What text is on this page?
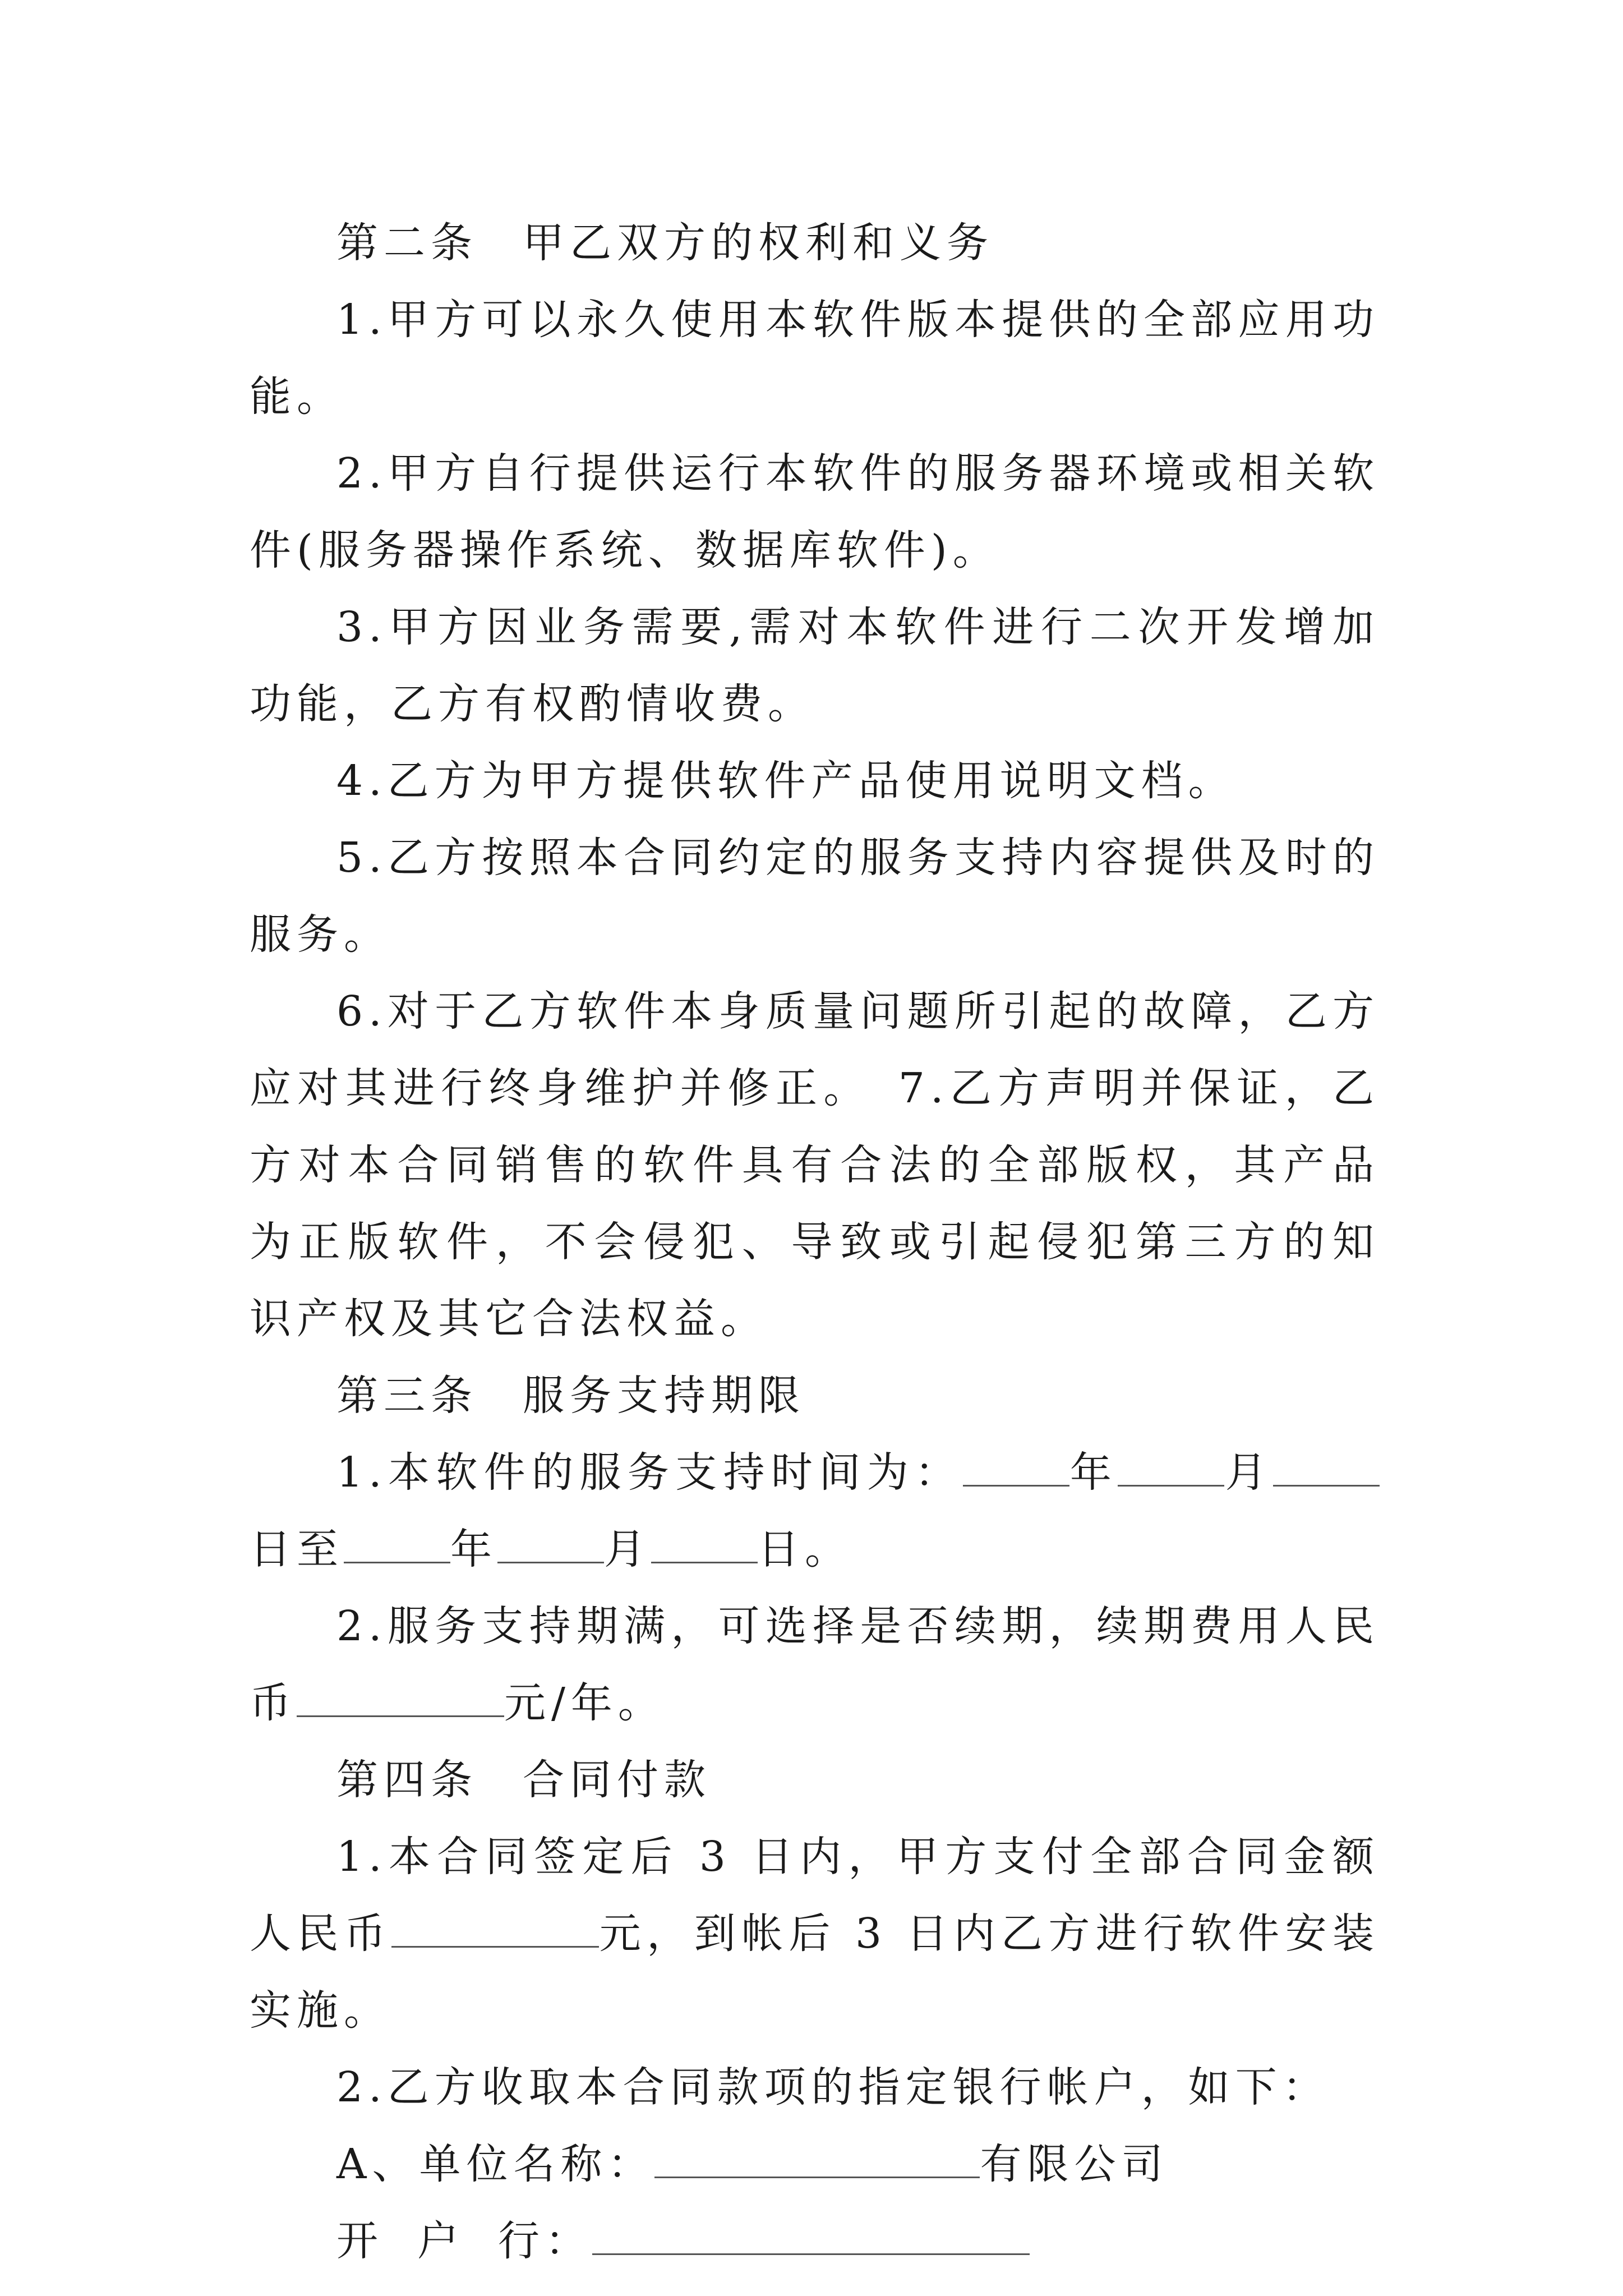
第二条 甲乙双方的权利和义务

1.甲方可以永久使用本软件版本提供的全部应用功能。

2.甲方自行提供运行本软件的服务器环境或相关软件(服务器操作系统、数据库软件)。

3.甲方因业务需要,需对本软件进行二次开发增加功能，乙方有权酌情收费。

4.乙方为甲方提供软件产品使用说明文档。

5.乙方按照本合同约定的服务支持内容提供及时的服务。

6.对于乙方软件本身质量问题所引起的故障，乙方应对其进行终身维护并修正。　7.乙方声明并保证，乙方对本合同销售的软件具有合法的全部版权，其产品为正版软件，不会侵犯、导致或引起侵犯第三方的知识产权及其它合法权益。

第三条 服务支持期限

1.本软件的服务支持时间为：	年	月日至	年	月	日。

2.服务支持期满，可选择是否续期，续期费用人民币	元/年。

第四条 合同付款

1.本合同签定后 3 日内，甲方支付全部合同金额人民币	元，到帐后 3 日内乙方进行软件安装实施。

2.乙方收取本合同款项的指定银行帐户，如下：

A、单位名称：	有限公司

开 户 行：
